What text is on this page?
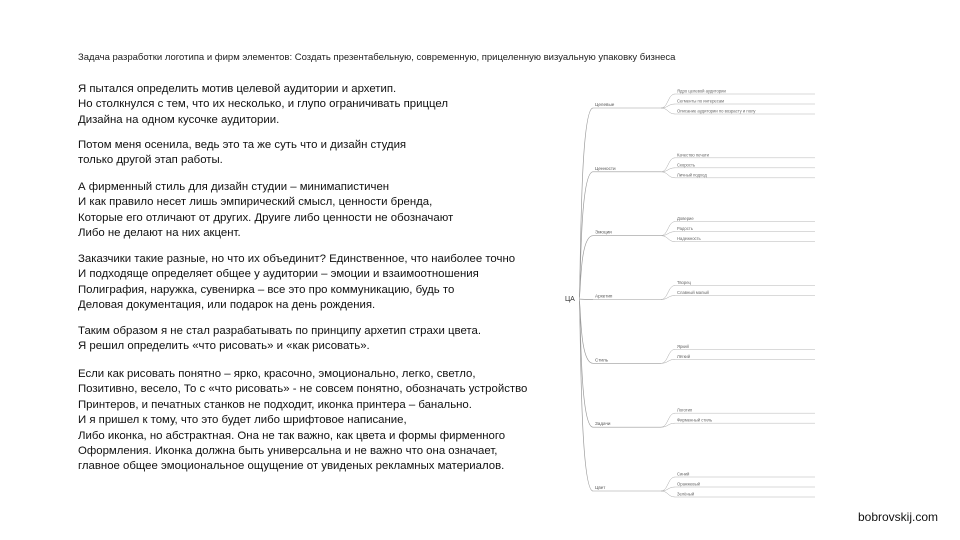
Задача разработки логотипа и фирм элементов: Создать презентабельную, современную, прицеленную визуальную упаковку бизнеса
Я пытался определить мотив целевой аудитории и архетип.
Но столкнулся с тем, что их несколько, и глупо ограничивать приццел
Дизайна на одном кусочке аудитории.
Потом меня осенила, ведь это та же суть что и дизайн студия
только другой этап работы.
А фирменный стиль для дизайн студии – минимапистичен
И как правило несет лишь эмпирический смысл, ценности бренда,
Которые его отличают от других. Друиге либо ценности не обозначают
Либо не делают на них акцент.
Заказчики такие разные, но что их объединит? Единственное, что наиболее точно
И подходяще определяет общее у аудитории – эмоции и взаимоотношения
Полиграфия, наружка, сувенирка – все это про коммуникацию, будь то
Деловая документация, или подарок на день рождения.
Таким образом я не стал разрабатывать по принципу архетип страхи цвета.
Я решил определить «что рисовать» и «как рисовать».
Если как рисовать понятно – ярко, красочно, эмоционально, легко, светло,
Позитивно, весело, То с «что рисовать» - не совсем понятно, обозначать устройство
Принтеров, и печатных станков не подходит, иконка принтера – банально.
И я пришел к тому, что это будет либо шрифтовое написание,
Либо иконка, но абстрактная. Она не так важно, как цвета и формы фирменного
Оформления. Иконка должна быть универсальна и не важно что она означает,
главное общее эмоциональное ощущение от увиденых рекламных материалов.
ЦА
Целевые
Ядро целевой аудитории
Сегменты по интересам
Описание аудитории по возрасту и полу
Ценности
Качество печати
Скорость
Личный подход
Эмоции
Доверие
Радость
Надежность
Архетип
Творец
Славный малый
Стиль
Яркий
Лёгкий
Задачи
Логотип
Фирменный стиль
Цвет
Синий
Оранжевый
Зелёный
bobrovskij.com
